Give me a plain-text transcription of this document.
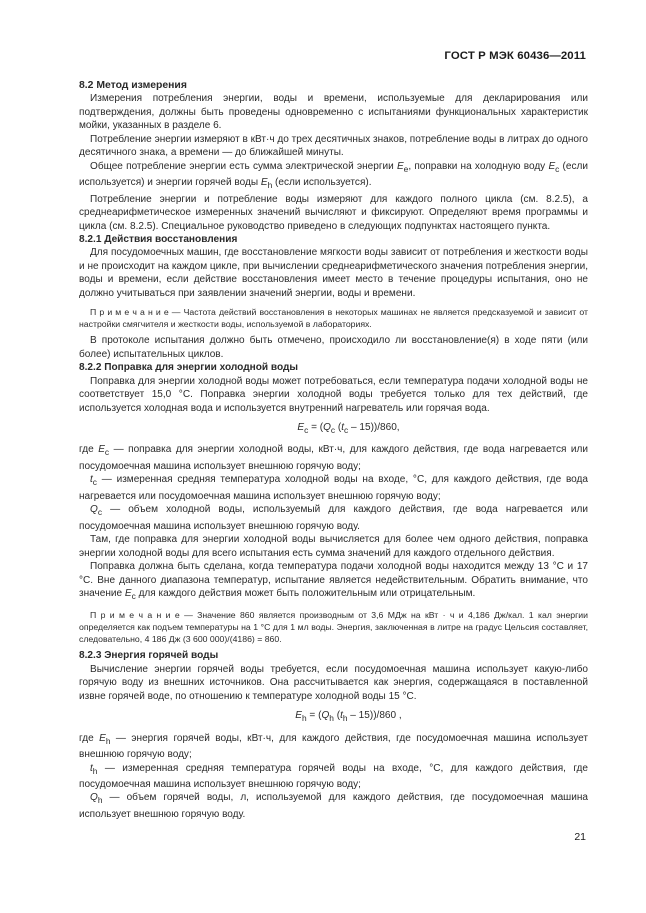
ГОСТ Р МЭК 60436—2011

8.2 Метод измерения

Измерения потребления энергии, воды и времени, используемые для декларирования или подтверждения, должны быть проведены одновременно с испытаниями функциональных характеристик мойки, указанных в разделе 6.

Потребление энергии измеряют в кВт·ч до трех десятичных знаков, потребление воды в литрах до одного десятичного знака, а времени — до ближайшей минуты.

Общее потребление энергии есть сумма электрической энергии $E_e$, поправки на холодную воду $E_c$ (если используется) и энергии горячей воды $E_h$ (если используется).

Потребление энергии и потребление воды измеряют для каждого полного цикла (см. 8.2.5), а среднеарифметическое измеренных значений вычисляют и фиксируют. Определяют время программы и цикла (см. 8.2.5). Специальное руководство приведено в следующих подпунктах настоящего пункта.

8.2.1 Действия восстановления

Для посудомоечных машин, где восстановление мягкости воды зависит от потребления и жесткости воды и не происходит на каждом цикле, при вычислении среднеарифметического значения потребления энергии, воды и времени, если действие восстановления имеет место в течение процедуры испытания, оно не должно учитываться при заявлении значений энергии, воды и времени.

П р и м е ч а н и е — Частота действий восстановления в некоторых машинах не является предсказуемой и зависит от настройки смягчителя и жесткости воды, используемой в лабораториях.

В протоколе испытания должно быть отмечено, происходило ли восстановление(я) в ходе пяти (или более) испытательных циклов.

8.2.2 Поправка для энергии холодной воды

Поправка для энергии холодной воды может потребоваться, если температура подачи холодной воды не соответствует 15,0 °С. Поправка энергии холодной воды требуется только для тех действий, где используется холодная вода и используется внутренний нагреватель или горячая вода.

$E_c = (Q_c$ $(t_c - 15))/860$,

где $E_c$ — поправка для энергии холодной воды, кВт·ч, для каждого действия, где вода нагревается или посудомоечная машина использует внешнюю горячую воду;

$t_c$ — измеренная средняя температура холодной воды на входе, °С, для каждого действия, где вода нагревается или посудомоечная машина использует внешнюю горячую воду;

$Q_c$ — объем холодной воды, используемый для каждого действия, где вода нагревается или посудомоечная машина использует внешнюю горячую воду.

Там, где поправка для энергии холодной воды вычисляется для более чем одного действия, поправка энергии холодной воды для всего испытания есть сумма значений для каждого отдельного действия.

Поправка должна быть сделана, когда температура подачи холодной воды находится между 13 °С и 17 °С. Вне данного диапазона температур, испытание является недействительным. Обратить внимание, что значение $E_c$ для каждого действия может быть положительным или отрицательным.

П р и м е ч а н и е — Значение 860 является производным от 3,6 МДж на кВт · ч и 4,186 Дж/кал. 1 кал энергии определяется как подъем температуры на 1 °С для 1 мл воды. Энергия, заключенная в литре на градус Цельсия составляет, следовательно, 4 186 Дж (3 600 000)/(4186) = 860.

8.2.3 Энергия горячей воды

Вычисление энергии горячей воды требуется, если посудомоечная машина использует какую-либо горячую воду из внешних источников. Она рассчитывается как энергия, содержащаяся в поставленной извне горячей воде, по отношению к температуре холодной воды 15 °С.

$E_h = (Q_h$ $(t_h - 15))/860$ ,

где $E_h$ — энергия горячей воды, кВт·ч, для каждого действия, где посудомоечная машина использует внешнюю горячую воду;

$t_h$ — измеренная средняя температура горячей воды на входе, °С, для каждого действия, где посудомоечная машина использует внешнюю горячую воду;

$Q_h$ — объем горячей воды, л, используемой для каждого действия, где посудомоечная машина использует внешнюю горячую воду.

21
